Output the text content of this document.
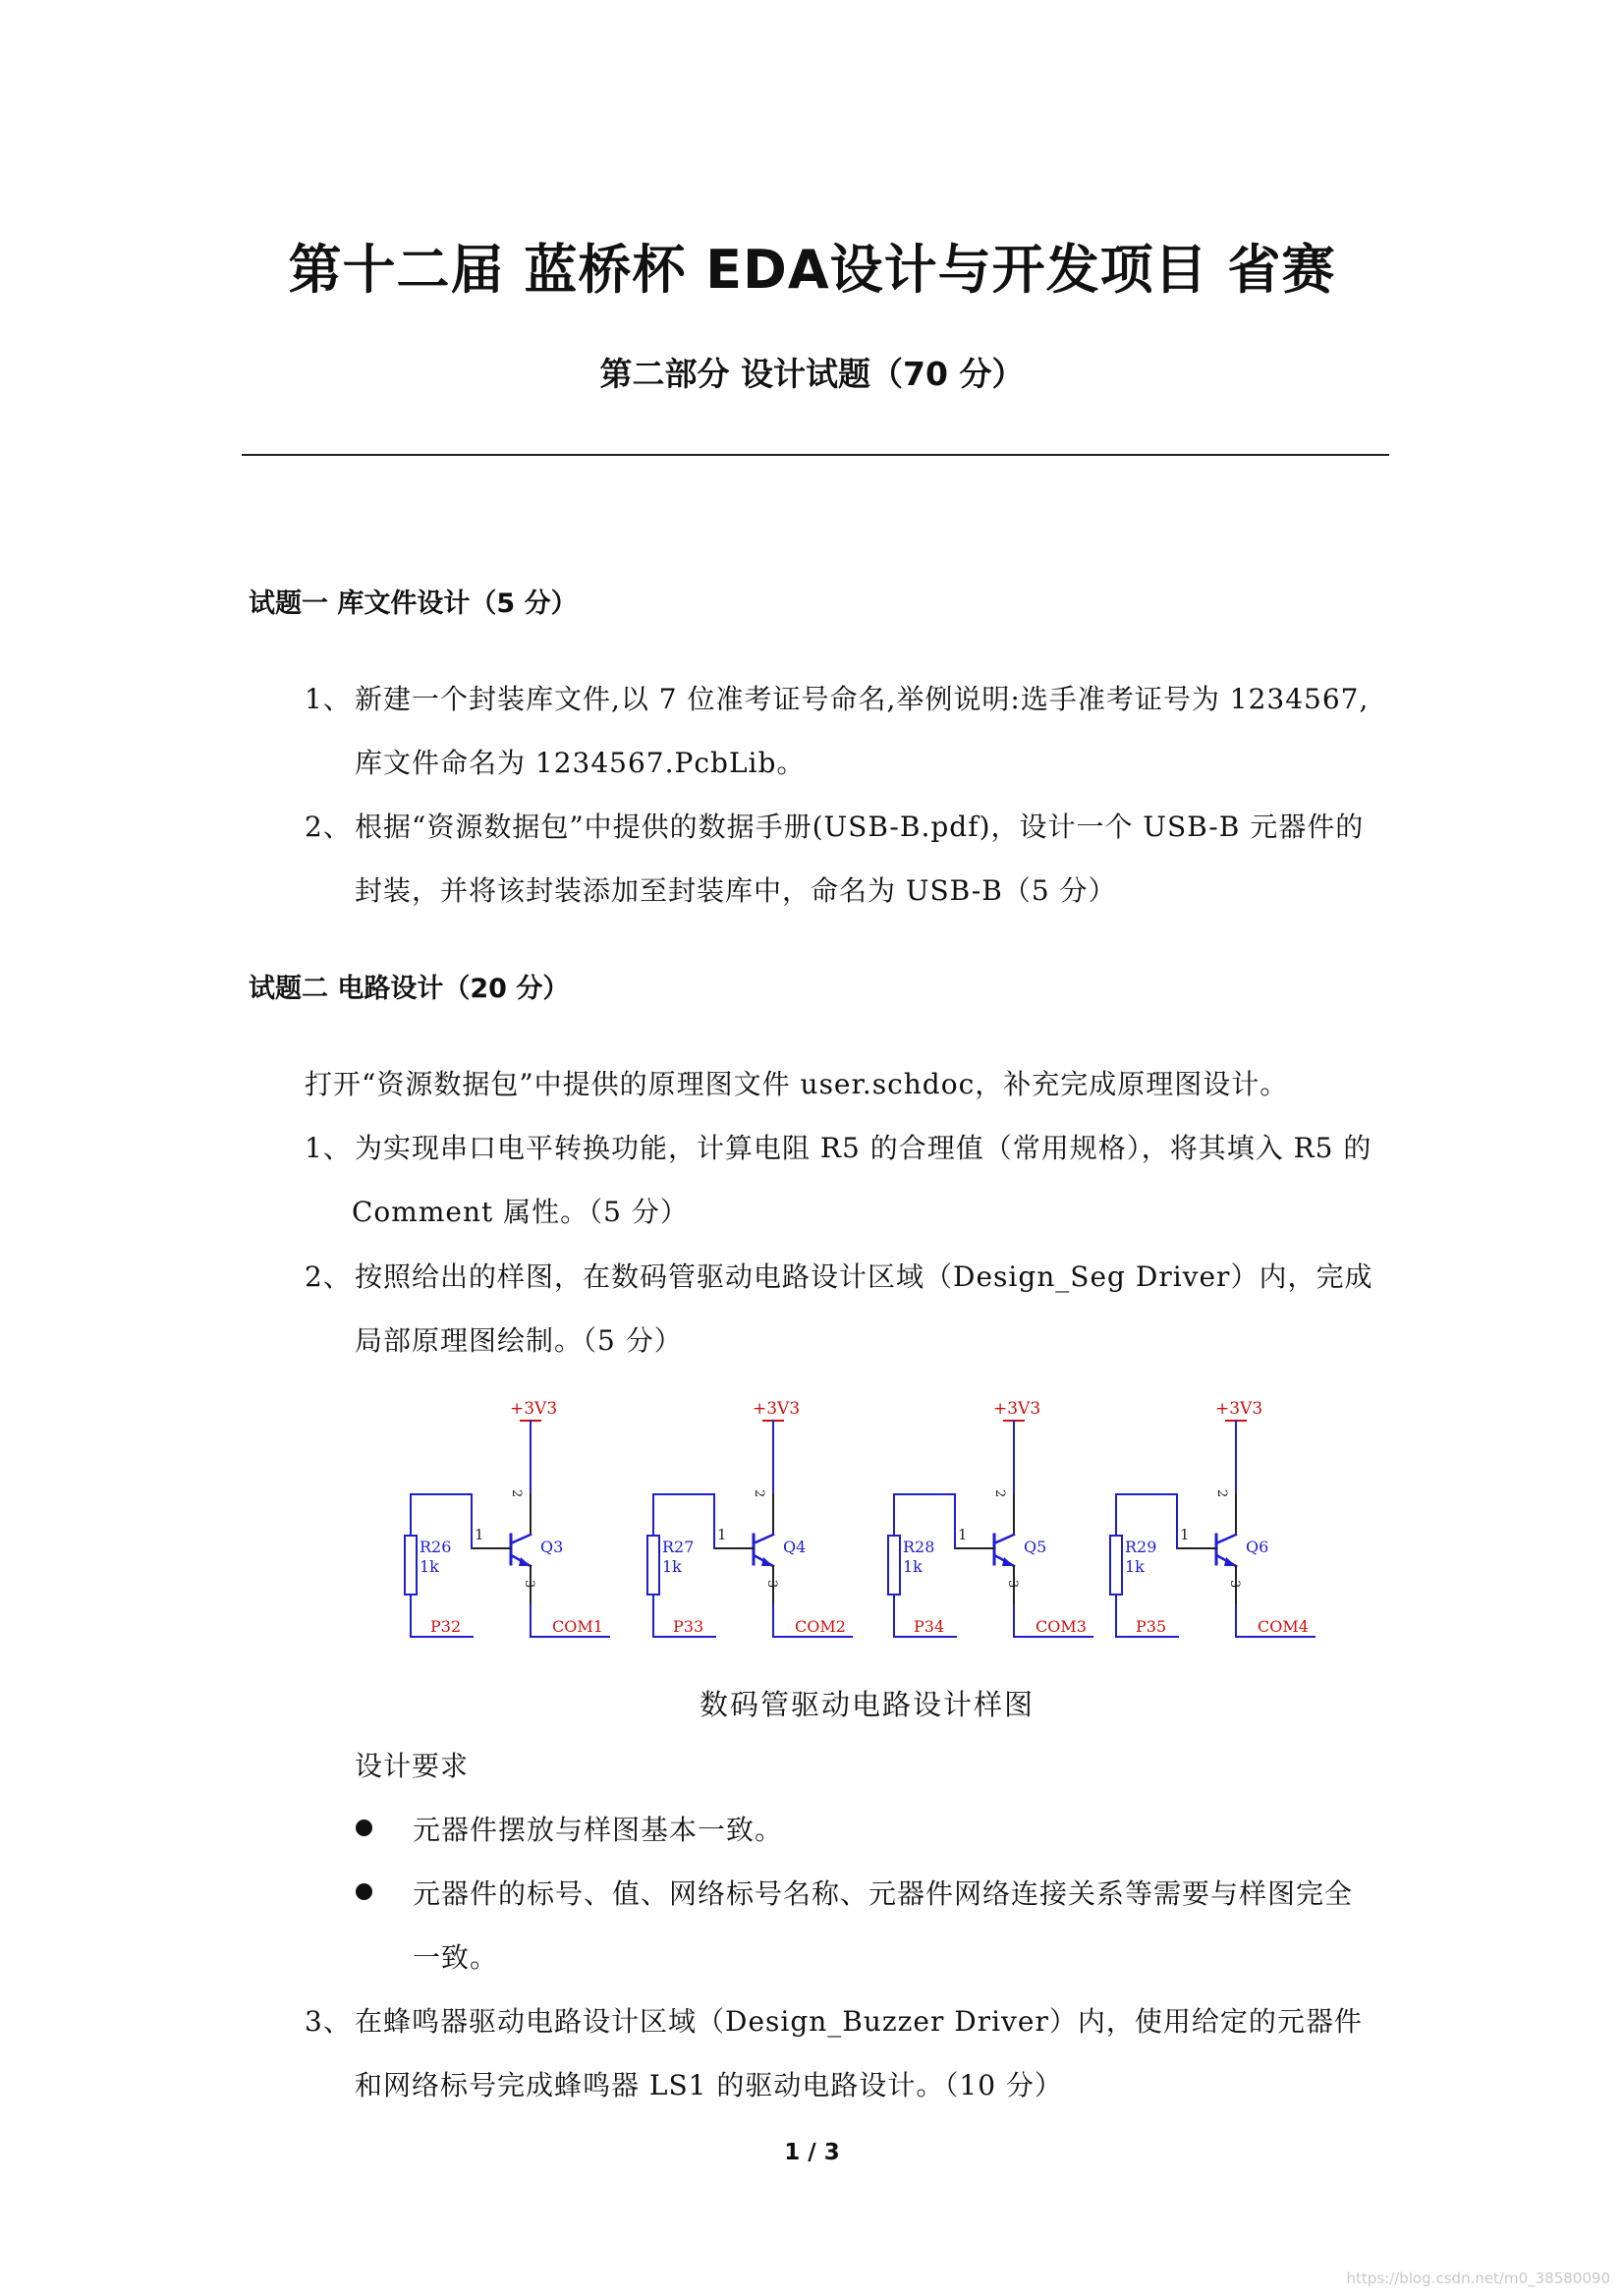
第十二届 蓝桥杯 EDA设计与开发项目 省赛
第二部分 设计试题（70 分）
试题一 库文件设计（5 分）
1、 新建一个封装库文件,以 7 位准考证号命名,举例说明:选手准考证号为 1234567,
库文件命名为 1234567.PcbLib。
2、 根据“资源数据包”中提供的数据手册(USB-B.pdf)，设计一个 USB-B 元器件的
封装，并将该封装添加至封装库中，命名为 USB-B（5 分）
试题二 电路设计（20 分）
打开“资源数据包”中提供的原理图文件 user.schdoc，补充完成原理图设计。
1、 为实现串口电平转换功能，计算电阻 R5 的合理值（常用规格），将其填入 R5 的
Comment 属性。（5 分）
2、 按照给出的样图，在数码管驱动电路设计区域（Design_Seg Driver）内，完成
局部原理图绘制。（5 分）
+3V3
2
3
1
Q3
R26
1k
P32	COM1
+3V3
2
3
1
Q4
R27
1k
P33	COM2
+3V3
2
3
1
Q5
R28
1k
P34	COM3
+3V3
2
3
1
Q6
R29
1k
P35	COM4
数码管驱动电路设计样图
设计要求
元器件摆放与样图基本一致。
元器件的标号、值、网络标号名称、元器件网络连接关系等需要与样图完全
一致。
3、 在蜂鸣器驱动电路设计区域（Design_Buzzer Driver）内，使用给定的元器件
和网络标号完成蜂鸣器 LS1 的驱动电路设计。（10 分）
1 / 3
https://blog.csdn.net/m0_38580090
